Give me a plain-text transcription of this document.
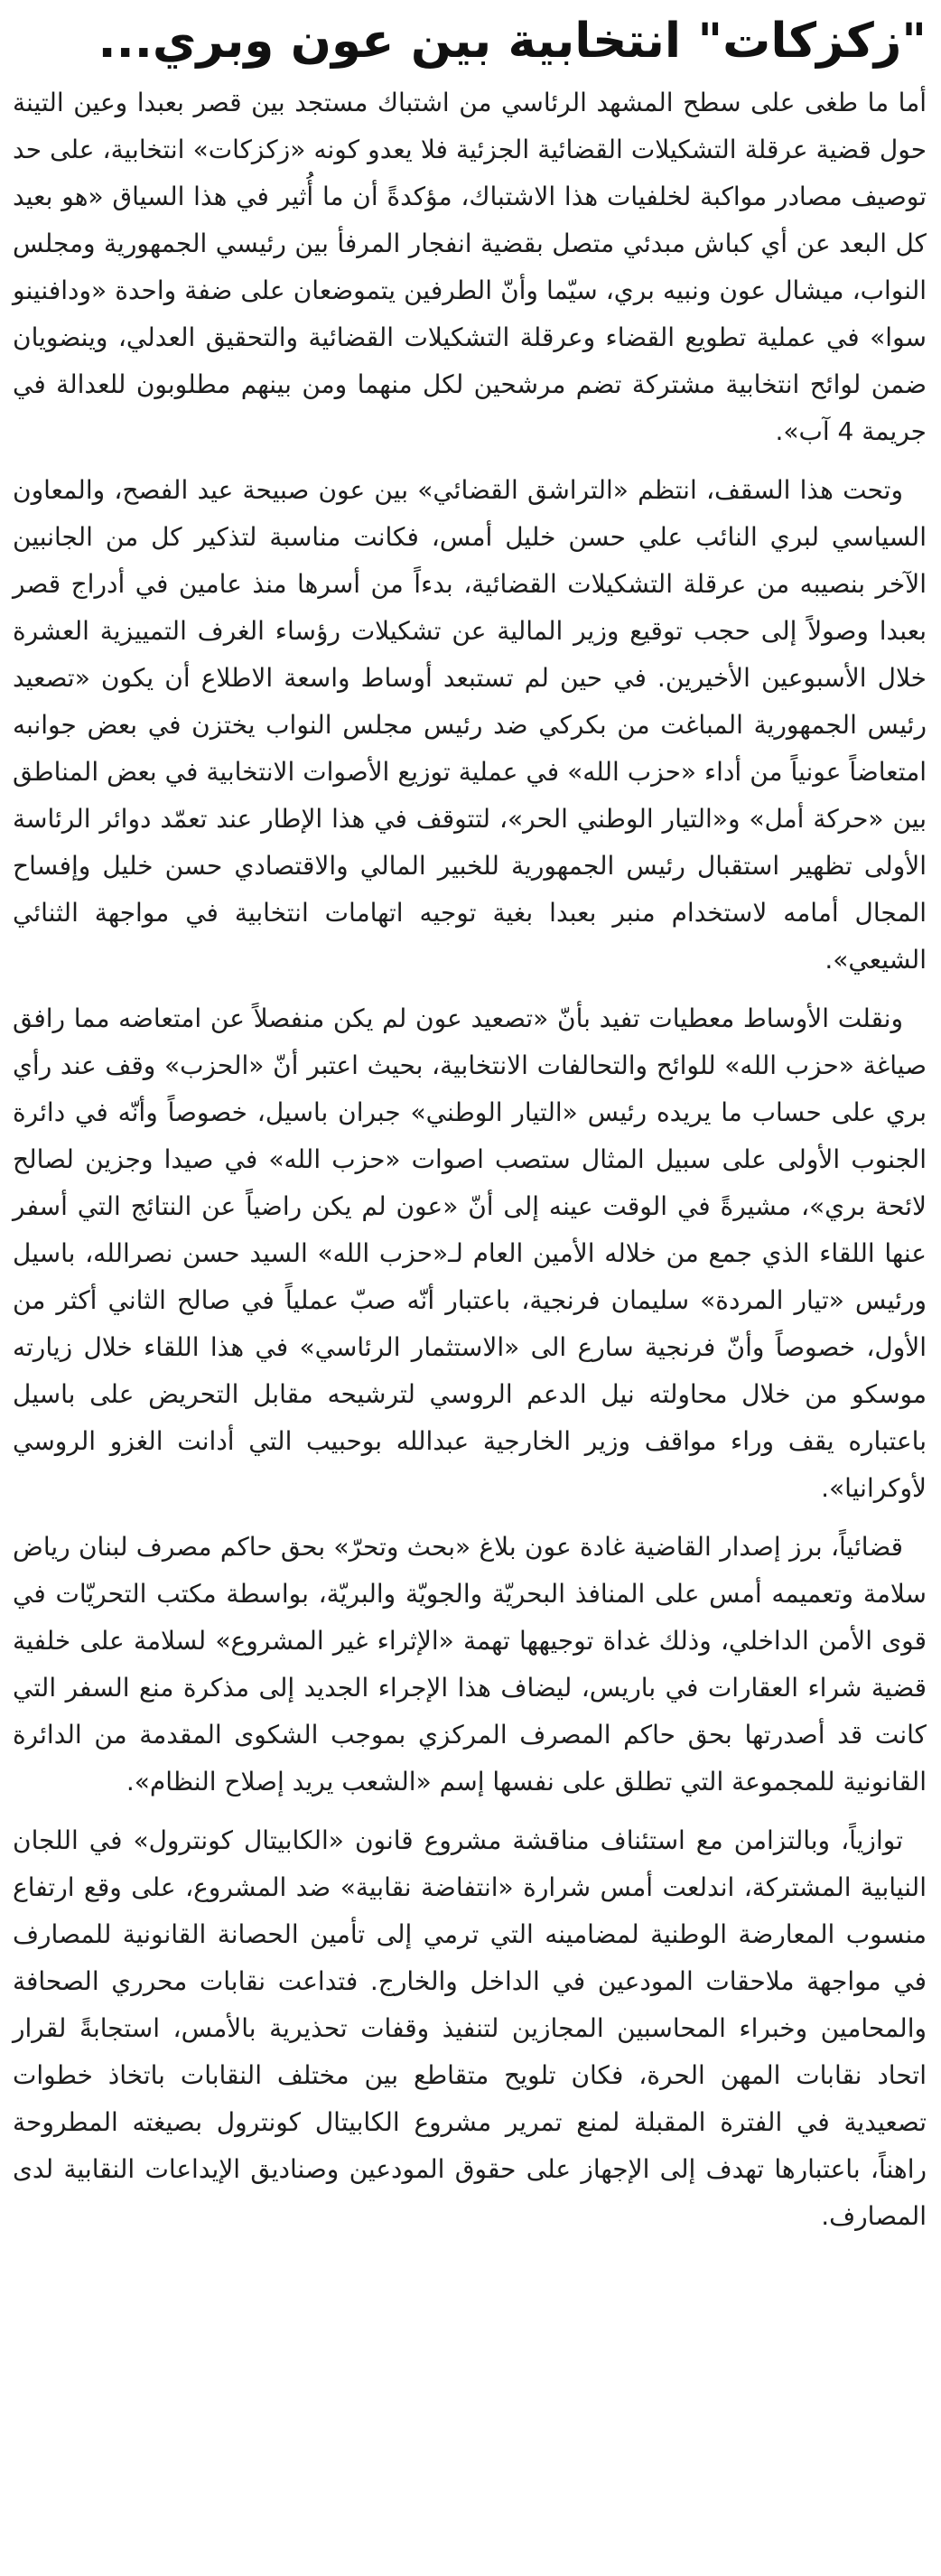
"زكزكات" انتخابية بين عون وبري...

أما ما طغى على سطح المشهد الرئاسي من اشتباك مستجد بين قصر بعبدا وعين التينة حول قضية عرقلة التشكيلات القضائية الجزئية فلا يعدو كونه «زكزكات» انتخابية، على حد توصيف مصادر مواكبة لخلفيات هذا الاشتباك، مؤكدةً أن ما أُثير في هذا السياق «هو بعيد كل البعد عن أي كباش مبدئي متصل بقضية انفجار المرفأ بين رئيسي الجمهورية ومجلس النواب، ميشال عون ونبيه بري، سيّما وأنّ الطرفين يتموضعان على ضفة واحدة «ودافنينو سوا» في عملية تطويع القضاء وعرقلة التشكيلات القضائية والتحقيق العدلي، وينضويان ضمن لوائح انتخابية مشتركة تضم مرشحين لكل منهما ومن بينهم مطلوبون للعدالة في جريمة 4 آب».

وتحت هذا السقف، انتظم «التراشق القضائي» بين عون صبيحة عيد الفصح، والمعاون السياسي لبري النائب علي حسن خليل أمس، فكانت مناسبة لتذكير كل من الجانبين الآخر بنصيبه من عرقلة التشكيلات القضائية، بدءاً من أسرها منذ عامين في أدراج قصر بعبدا وصولاً إلى حجب توقيع وزير المالية عن تشكيلات رؤساء الغرف التمييزية العشرة خلال الأسبوعين الأخيرين. في حين لم تستبعد أوساط واسعة الاطلاع أن يكون «تصعيد رئيس الجمهورية المباغت من بكركي ضد رئيس مجلس النواب يختزن في بعض جوانبه امتعاضاً عونياً من أداء «حزب الله» في عملية توزيع الأصوات الانتخابية في بعض المناطق بين «حركة أمل» و«التيار الوطني الحر»، لتتوقف في هذا الإطار عند تعمّد دوائر الرئاسة الأولى تظهير استقبال رئيس الجمهورية للخبير المالي والاقتصادي حسن خليل وإفساح المجال أمامه لاستخدام منبر بعبدا بغية توجيه اتهامات انتخابية في مواجهة الثنائي الشيعي».

ونقلت الأوساط معطيات تفيد بأنّ «تصعيد عون لم يكن منفصلاً عن امتعاضه مما رافق صياغة «حزب الله» للوائح والتحالفات الانتخابية، بحيث اعتبر أنّ «الحزب» وقف عند رأي بري على حساب ما يريده رئيس «التيار الوطني» جبران باسيل، خصوصاً وأنّه في دائرة الجنوب الأولى على سبيل المثال ستصب اصوات «حزب الله» في صيدا وجزين لصالح لائحة بري»، مشيرةً في الوقت عينه إلى أنّ «عون لم يكن راضياً عن النتائج التي أسفر عنها اللقاء الذي جمع من خلاله الأمين العام لـ«حزب الله» السيد حسن نصرالله، باسيل ورئيس «تيار المردة» سليمان فرنجية، باعتبار أنّه صبّ عملياً في صالح الثاني أكثر من الأول، خصوصاً وأنّ فرنجية سارع الى «الاستثمار الرئاسي» في هذا اللقاء خلال زيارته موسكو من خلال محاولته نيل الدعم الروسي لترشيحه مقابل التحريض على باسيل باعتباره يقف وراء مواقف وزير الخارجية عبدالله بوحبيب التي أدانت الغزو الروسي لأوكرانيا».

قضائياً، برز إصدار القاضية غادة عون بلاغ «بحث وتحرّ» بحق حاكم مصرف لبنان رياض سلامة وتعميمه أمس على المنافذ البحريّة والجويّة والبريّة، بواسطة مكتب التحريّات في قوى الأمن الداخلي، وذلك غداة توجيهها تهمة «الإثراء غير المشروع» لسلامة على خلفية قضية شراء العقارات في باريس، ليضاف هذا الإجراء الجديد إلى مذكرة منع السفر التي كانت قد أصدرتها بحق حاكم المصرف المركزي بموجب الشكوى المقدمة من الدائرة القانونية للمجموعة التي تطلق على نفسها إسم «الشعب يريد إصلاح النظام».

توازياً، وبالتزامن مع استئناف مناقشة مشروع قانون «الكابيتال كونترول» في اللجان النيابية المشتركة، اندلعت أمس شرارة «انتفاضة نقابية» ضد المشروع، على وقع ارتفاع منسوب المعارضة الوطنية لمضامينه التي ترمي إلى تأمين الحصانة القانونية للمصارف في مواجهة ملاحقات المودعين في الداخل والخارج. فتداعت نقابات محرري الصحافة والمحامين وخبراء المحاسبين المجازين لتنفيذ وقفات تحذيرية بالأمس، استجابةً لقرار اتحاد نقابات المهن الحرة، فكان تلويح متقاطع بين مختلف النقابات باتخاذ خطوات تصعيدية في الفترة المقبلة لمنع تمرير مشروع الكابيتال كونترول بصيغته المطروحة راهناً، باعتبارها تهدف إلى الإجهاز على حقوق المودعين وصناديق الإيداعات النقابية لدى المصارف.
